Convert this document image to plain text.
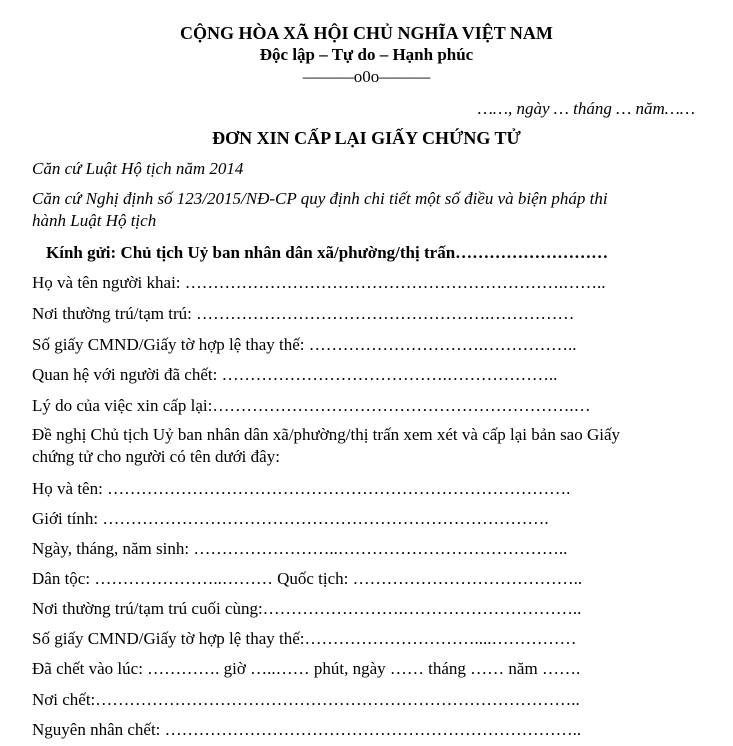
CỘNG HÒA XÃ HỘI CHỦ NGHĨA VIỆT NAM
Độc lập – Tự do – Hạnh phúc
———o0o———
……, ngày … tháng … năm……
ĐƠN XIN CẤP LẠI GIẤY CHỨNG TỬ
Căn cứ Luật Hộ tịch năm 2014
Căn cứ Nghị định số 123/2015/NĐ-CP quy định chi tiết một số điều và biện pháp thi
hành Luật Hộ tịch
Kính gửi: Chủ tịch Uỷ ban nhân dân xã/phường/thị trấn………………………
Họ và tên người khai: ………………………………………………………….……..
Nơi thường trú/tạm trú: …………………………………………….……………
Số giấy CMND/Giấy tờ hợp lệ thay thế: ………………………….……………..
Quan hệ với người đã chết: ………………………………….………………..
Lý do của việc xin cấp lại:……………………………………………………….…
Đề nghị Chủ tịch Uỷ ban nhân dân xã/phường/thị trấn xem xét và cấp lại bản sao Giấy
chứng tử cho người có tên dưới đây:
Họ và tên: ……………………………………………………………………….
Giới tính: …………………………………………………………………….
Ngày, tháng, năm sinh: ……………………..…………………………………..
Dân tộc: …………………..……… Quốc tịch: …………………………………..
Nơi thường trú/tạm trú cuối cùng:…………………….…………………………..
Số giấy CMND/Giấy tờ hợp lệ thay thế:…………………………....……………
Đã chết vào lúc: …………. giờ …..…… phút, ngày …… tháng …… năm …….
Nơi chết:…………………………………………………………………………..
Nguyên nhân chết: ………………………………………………………………..
